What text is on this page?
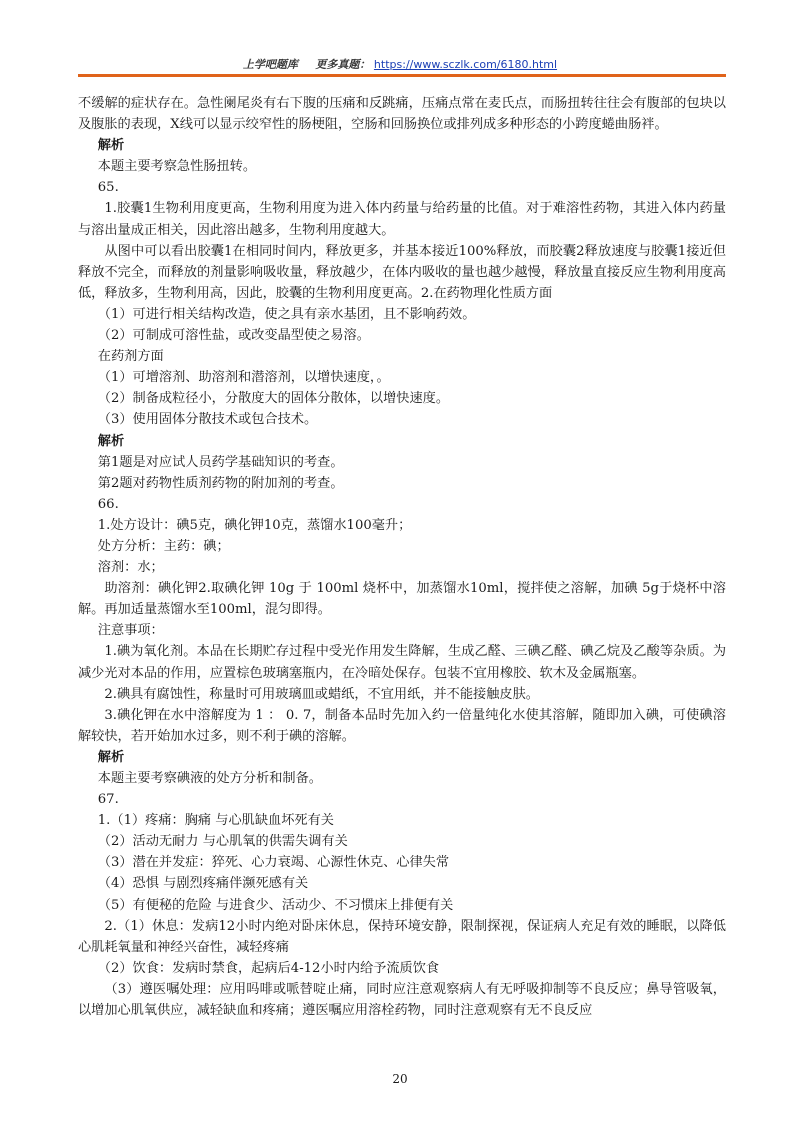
上学吧题库 更多真题： https://www.sczlk.com/6180.html

不缓解的症状存在。急性阑尾炎有右下腹的压痛和反跳痛，压痛点常在麦氏点，而肠扭转往往会有腹部的包块以及腹胀的表现，X线可以显示绞窄性的肠梗阻，空肠和回肠换位或排列成多种形态的小跨度蜷曲肠袢。

解析

本题主要考察急性肠扭转。

65.

1.胶囊1生物利用度更高，生物利用度为进入体内药量与给药量的比值。对于难溶性药物，其进入体内药量与溶出量成正相关，因此溶出越多，生物利用度越大。

从图中可以看出胶囊1在相同时间内，释放更多，并基本接近100%释放，而胶囊2释放速度与胶囊1接近但释放不完全，而释放的剂量影响吸收量，释放越少，在体内吸收的量也越少越慢，释放量直接反应生物利用度高低，释放多，生物利用高，因此，胶囊的生物利用度更高。2.在药物理化性质方面

（1）可进行相关结构改造，使之具有亲水基团，且不影响药效。

（2）可制成可溶性盐，或改变晶型使之易溶。

在药剂方面

（1）可增溶剂、助溶剂和潜溶剂，以增快速度，。

（2）制备成粒径小，分散度大的固体分散体，以增快速度。

（3）使用固体分散技术或包合技术。

解析

第1题是对应试人员药学基础知识的考查。

第2题对药物性质剂药物的附加剂的考查。

66.

1.处方设计：碘5克，碘化钾10克，蒸馏水100毫升；

处方分析：主药：碘；

溶剂：水；

助溶剂：碘化钾2.取碘化钾 10g 于 100ml 烧杯中，加蒸馏水10ml，搅拌使之溶解，加碘 5g于烧杯中溶解。再加适量蒸馏水至100ml，混匀即得。

注意事项：

1.碘为氧化剂。本品在长期贮存过程中受光作用发生降解，生成乙醛、三碘乙醛、碘乙烷及乙酸等杂质。为减少光对本品的作用，应置棕色玻璃塞瓶内，在冷暗处保存。包装不宜用橡胶、软木及金属瓶塞。

2.碘具有腐蚀性，称量时可用玻璃皿或蜡纸，不宜用纸，并不能接触皮肤。

3.碘化钾在水中溶解度为 1 ： 0. 7，制备本品时先加入约一倍量纯化水使其溶解，随即加入碘，可使碘溶解较快，若开始加水过多，则不利于碘的溶解。

解析

本题主要考察碘液的处方分析和制备。

67.

1.（1）疼痛：胸痛 与心肌缺血坏死有关

（2）活动无耐力 与心肌氧的供需失调有关

（3）潜在并发症：猝死、心力衰竭、心源性休克、心律失常

（4）恐惧 与剧烈疼痛伴濒死感有关

（5）有便秘的危险 与进食少、活动少、不习惯床上排便有关

2.（1）休息：发病12小时内绝对卧床休息，保持环境安静，限制探视，保证病人充足有效的睡眠，以降低心肌耗氧量和神经兴奋性，减轻疼痛

（2）饮食：发病时禁食，起病后4-12小时内给予流质饮食

（3）遵医嘱处理：应用吗啡或哌替啶止痛，同时应注意观察病人有无呼吸抑制等不良反应；鼻导管吸氧，以增加心肌氧供应，减轻缺血和疼痛；遵医嘱应用溶栓药物，同时注意观察有无不良反应

20
